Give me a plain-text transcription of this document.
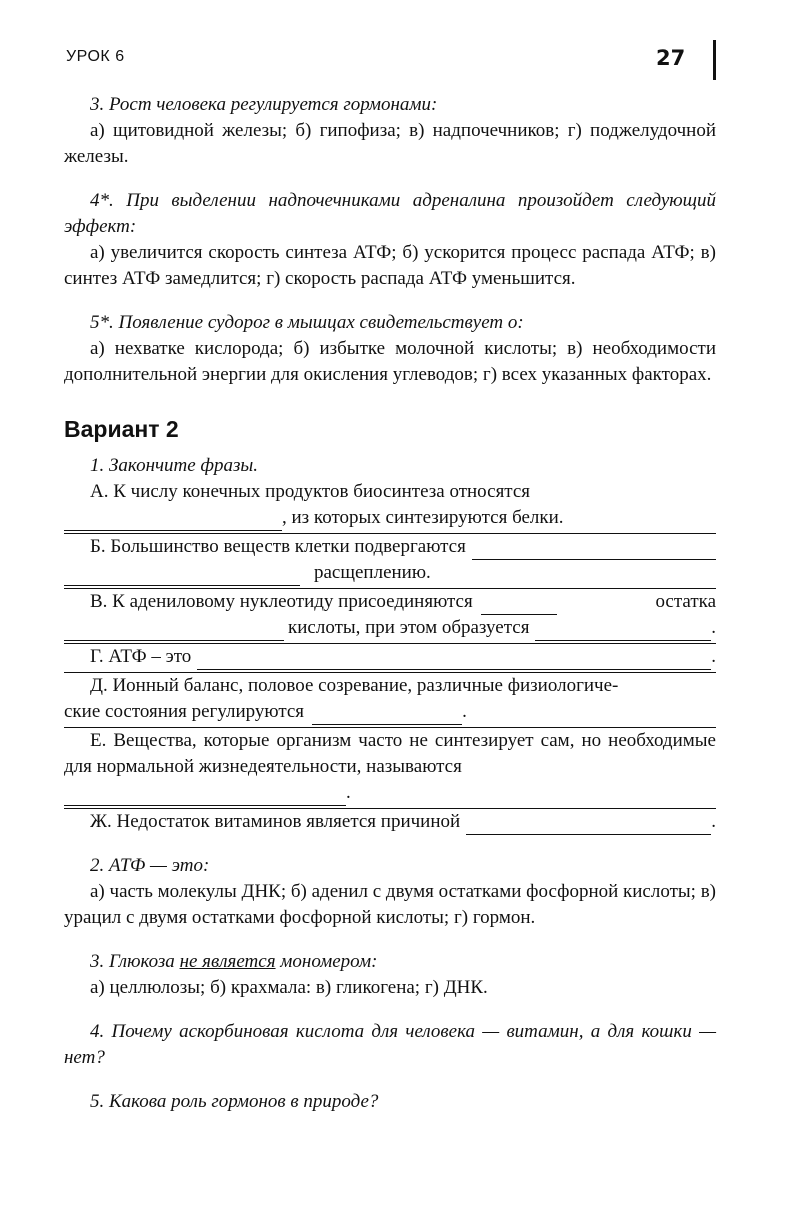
УРОК 6	27
3. Рост человека регулируется гормонами:
а) щитовидной железы; б) гипофиза; в) надпочечников; г) поджелудочной железы.
4*. При выделении надпочечниками адреналина произойдет следующий эффект:
а) увеличится скорость синтеза АТФ; б) ускорится процесс распада АТФ; в) синтез АТФ замедлится; г) скорость распада АТФ уменьшится.
5*. Появление судорог в мышцах свидетельствует о:
а) нехватке кислорода; б) избытке молочной кислоты; в) необходимости дополнительной энергии для окисления углеводов; г) всех указанных факторах.
Вариант 2
1. Закончите фразы.
А. К числу конечных продуктов биосинтеза относятся
, из которых синтезируются белки.
Б. Большинство веществ клетки подвергаются
расщеплению.
В. К адениловому нуклеотиду присоединяются	остатка
кислоты, при этом образуется	.
Г. АТФ – это	.
Д. Ионный баланс, половое созревание, различные физиологиче-
ские состояния регулируются	.
Е. Вещества, которые организм часто не синтезирует сам, но необходимые для нормальной жизнедеятельности, называются
.
Ж. Недостаток витаминов является причиной	.
2. АТФ — это:
а) часть молекулы ДНК; б) аденил с двумя остатками фосфорной кислоты; в) урацил с двумя остатками фосфорной кислоты; г) гормон.
3. Глюкоза не является мономером:
а) целлюлозы; б) крахмала: в) гликогена; г) ДНК.
4. Почему аскорбиновая кислота для человека — витамин, а для кошки — нет?
5. Какова роль гормонов в природе?
